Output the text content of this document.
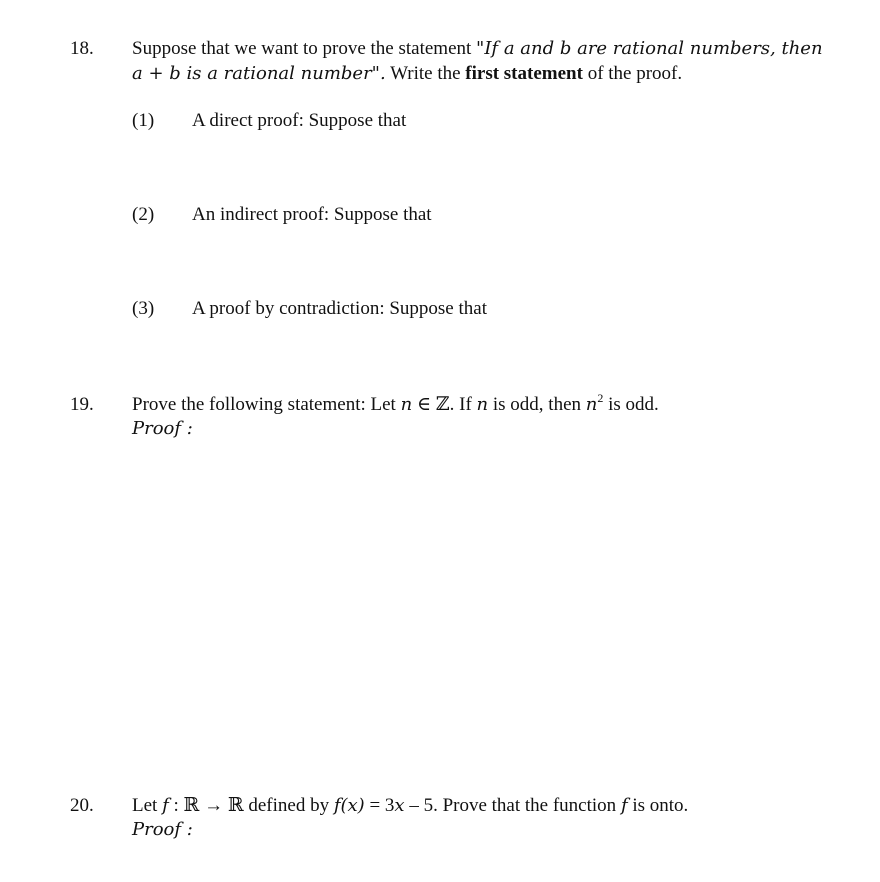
18. Suppose that we want to prove the statement "If a and b are rational numbers, then
a + b is a rational number". Write the first statement of the proof.
(1) A direct proof: Suppose that
(2) An indirect proof: Suppose that
(3) A proof by contradiction: Suppose that
19. Prove the following statement: Let n ∈ ℤ. If n is odd, then $n^2$ is odd.
Proof :
20. Let f : ℝ → ℝ defined by f(x) = 3x – 5. Prove that the function f is onto.
Proof :
